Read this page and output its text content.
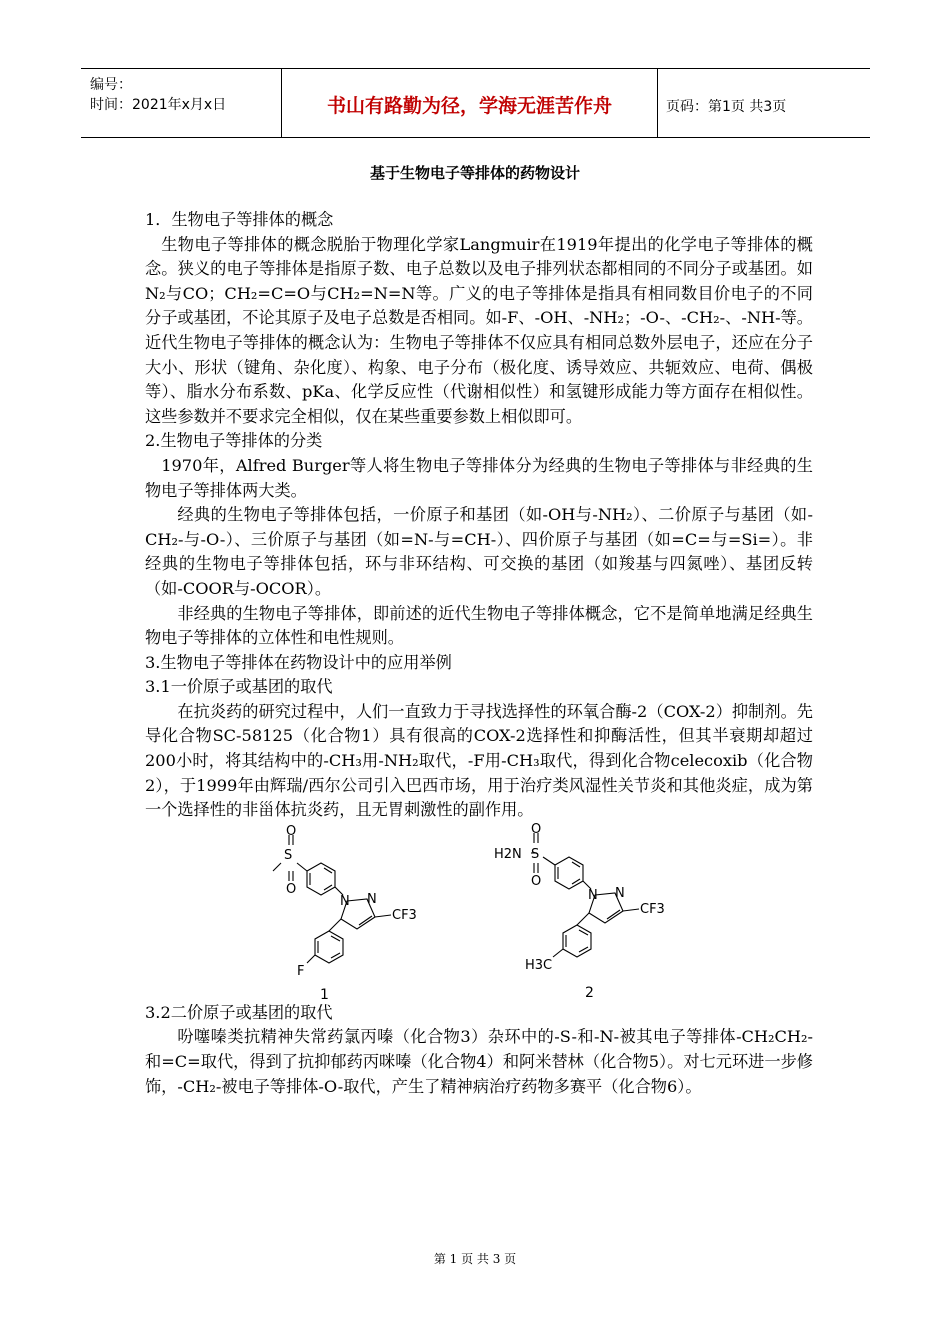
编号：
时间：2021年x月x日	书山有路勤为径，学海无涯苦作舟	页码：第1页 共3页
基于生物电子等排体的药物设计

1．生物电子等排体的概念

生物电子等排体的概念脱胎于物理化学家Langmuir在1919年提出的化学电子等排体的概念。狭义的电子等排体是指原子数、电子总数以及电子排列状态都相同的不同分子或基团。如N₂与CO；CH₂=C=O与CH₂=N=N等。广义的电子等排体是指具有相同数目价电子的不同分子或基团，不论其原子及电子总数是否相同。如-F、-OH、-NH₂；-O-、-CH₂-、-NH-等。近代生物电子等排体的概念认为：生物电子等排体不仅应具有相同总数外层电子，还应在分子大小、形状（键角、杂化度）、构象、电子分布（极化度、诱导效应、共轭效应、电荷、偶极等）、脂水分布系数、pKa、化学反应性（代谢相似性）和氢键形成能力等方面存在相似性。这些参数并不要求完全相似，仅在某些重要参数上相似即可。

2.生物电子等排体的分类

1970年，Alfred Burger等人将生物电子等排体分为经典的生物电子等排体与非经典的生物电子等排体两大类。

经典的生物电子等排体包括，一价原子和基团（如-OH与-NH₂）、二价原子与基团（如-CH₂-与-O-）、三价原子与基团（如=N-与=CH-）、四价原子与基团（如=C=与=Si=）。非经典的生物电子等排体包括，环与非环结构、可交换的基团（如羧基与四氮唑）、基团反转（如-COOR与-OCOR）。

非经典的生物电子等排体，即前述的近代生物电子等排体概念，它不是简单地满足经典生物电子等排体的立体性和电性规则。

3.生物电子等排体在药物设计中的应用举例

3.1一价原子或基团的取代

在抗炎药的研究过程中，人们一直致力于寻找选择性的环氧合酶-2（COX-2）抑制剂。先导化合物SC-58125（化合物1）具有很高的COX-2选择性和抑酶活性，但其半衰期却超过200小时，将其结构中的-CH₃用-NH₂取代，-F用-CH₃取代，得到化合物celecoxib（化合物2），于1999年由辉瑞/西尔公司引入巴西市场，用于治疗类风湿性关节炎和其他炎症，成为第一个选择性的非甾体抗炎药，且无胃刺激性的副作用。

S
O
O
N N
CF3
F
1
H2N S
O
O
N N
CF3
H3C
2

3.2二价原子或基团的取代

吩噻嗪类抗精神失常药氯丙嗪（化合物3）杂环中的-S-和-N-被其电子等排体-CH₂CH₂-和=C=取代，得到了抗抑郁药丙咪嗪（化合物4）和阿米替林（化合物5）。对七元环进一步修饰，-CH₂-被电子等排体-O-取代，产生了精神病治疗药物多赛平（化合物6）。

第 1 页 共 3 页
